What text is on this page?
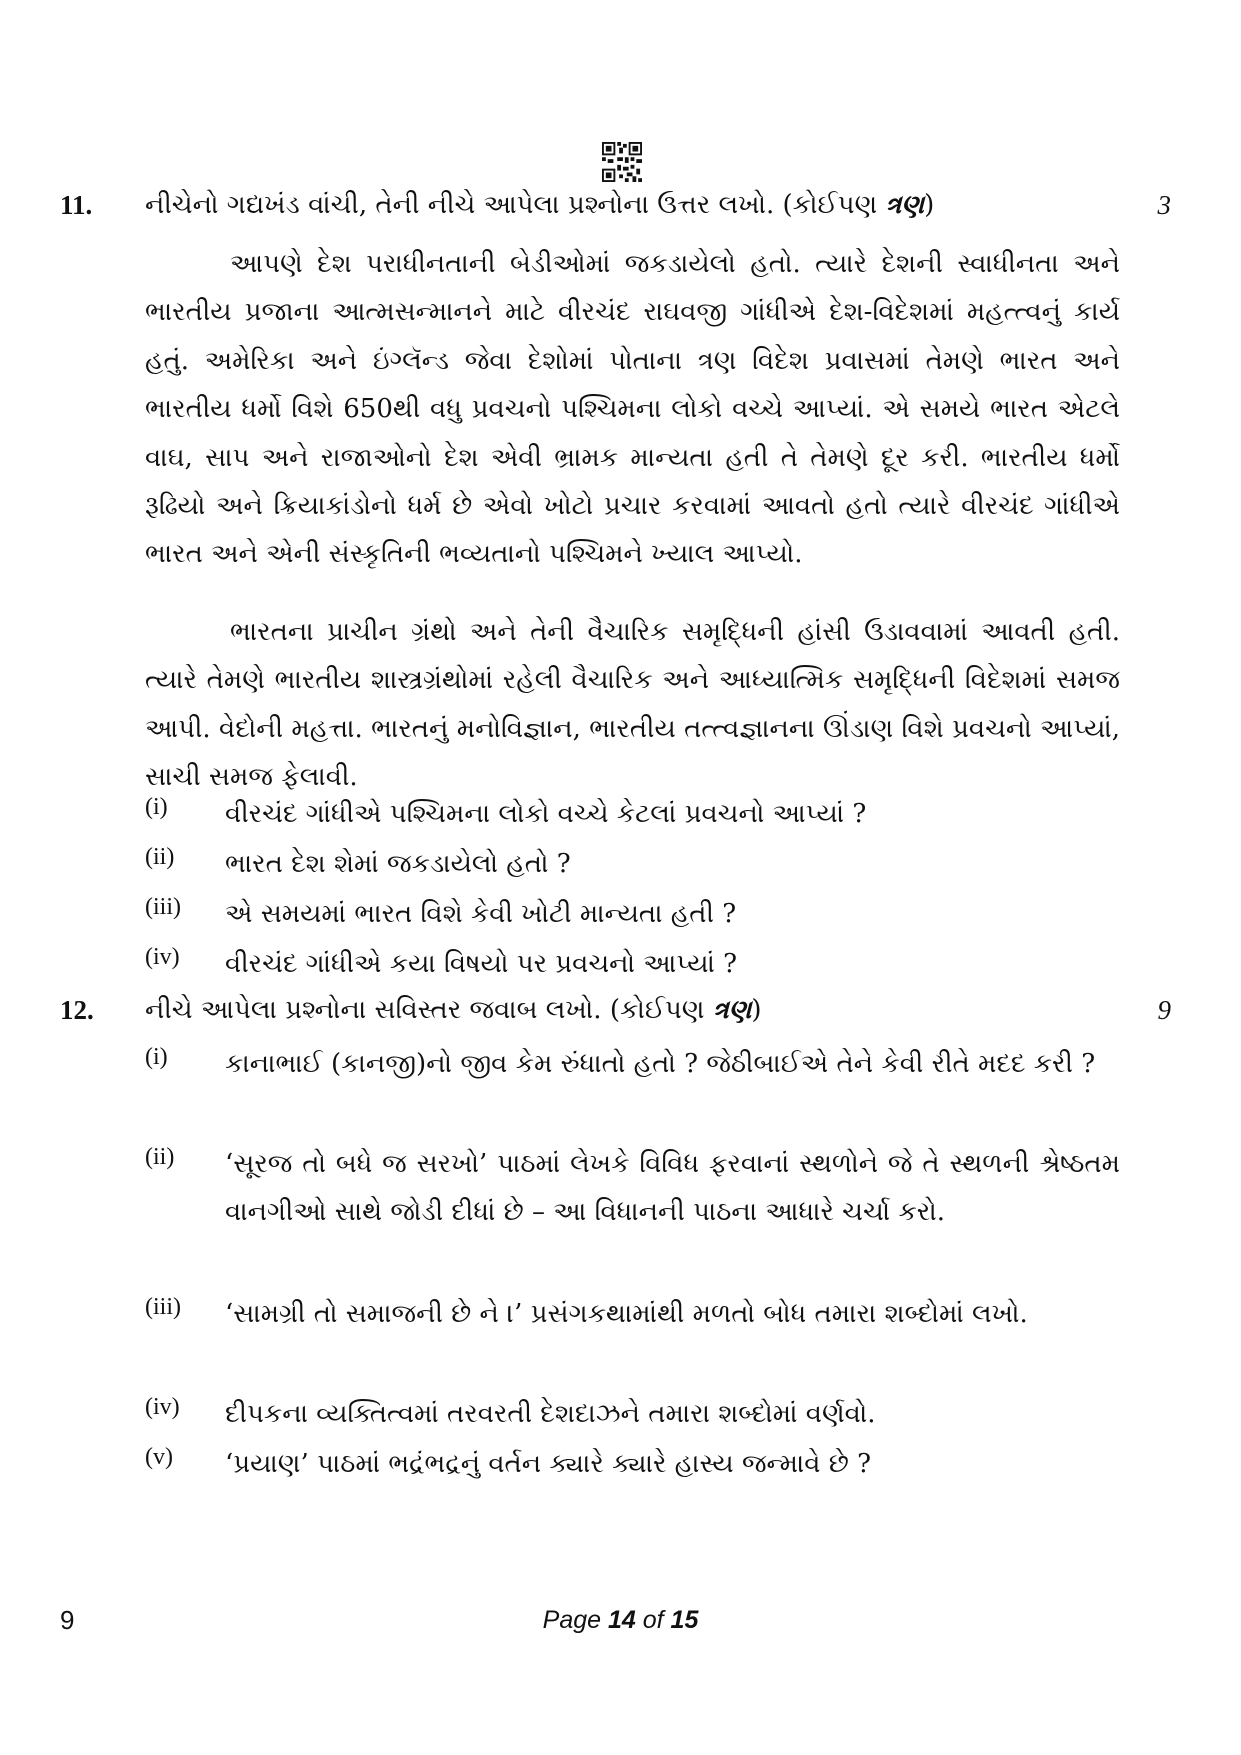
11. નીચેનો ગદ્યખંડ વાંચી, તેની નીચે આપેલા પ્રશ્નોના ઉત્તર લખો. (કોઈપણ ત્રણ)	3
આપણે દેશ પરાધીનતાની બેડીઓમાં જકડાયેલો હતો. ત્યારે દેશની સ્વાધીનતા અને ભારતીય પ્રજાના આત્મસન્માનને માટે વીરચંદ રાઘવજી ગાંધીએ દેશ-વિદેશમાં મહત્ત્વનું કાર્ય હતું. અમેરિકા અને ઇંગ્લૅન્ડ જેવા દેશોમાં પોતાના ત્રણ વિદેશ પ્રવાસમાં તેમણે ભારત અને ભારતીય ધર્મો વિશે 650થી વધુ પ્રવચનો પશ્ચિમના લોકો વચ્ચે આપ્યાં. એ સમયે ભારત એટલે વાઘ, સાપ અને રાજાઓનો દેશ એવી ભ્રામક માન્યતા હતી તે તેમણે દૂર કરી. ભારતીય ધર્મો રૂઢિયો અને ક્રિયાકાંડોનો ધર્મ છે એવો ખોટો પ્રચાર કરવામાં આવતો હતો ત્યારે વીરચંદ ગાંધીએ ભારત અને એની સંસ્કૃતિની ભવ્યતાનો પશ્ચિમને ખ્યાલ આપ્યો.
ભારતના પ્રાચીન ગ્રંથો અને તેની વૈચારિક સમૃદ્ધિની હાંસી ઉડાવવામાં આવતી હતી. ત્યારે તેમણે ભારતીય શાસ્ત્રગ્રંથોમાં રહેલી વૈચારિક અને આધ્યાત્મિક સમૃદ્ધિની વિદેશમાં સમજ આપી. વેદોની મહત્તા. ભારતનું મનોવિજ્ઞાન, ભારતીય તત્ત્વજ્ઞાનના ઊંડાણ વિશે પ્રવચનો આપ્યાં, સાચી સમજ ફેલાવી.
(i) વીરચંદ ગાંધીએ પશ્ચિમના લોકો વચ્ચે કેટલાં પ્રવચનો આપ્યાં ?
(ii) ભારત દેશ શેમાં જકડાયેલો હતો ?
(iii) એ સમયમાં ભારત વિશે કેવી ખોટી માન્યતા હતી ?
(iv) વીરચંદ ગાંધીએ કયા વિષયો પર પ્રવચનો આપ્યાં ?
12. નીચે આપેલા પ્રશ્નોના સવિસ્તર જવાબ લખો. (કોઈપણ ત્રણ)	9
(i) કાનાભાઈ (કાનજી)નો જીવ કેમ રુંધાતો હતો ? જેઠીબાઈએ તેને કેવી રીતે મદદ કરી ?
(ii) ‘સૂરજ તો બધે જ સરખો’ પાઠમાં લેખકે વિવિધ ફરવાનાં સ્થળોને જે તે સ્થળની શ્રેષ્ઠતમ વાનગીઓ સાથે જોડી દીધાં છે – આ વિધાનની પાઠના આધારે ચર્ચા કરો.
(iii) ‘સામગ્રી તો સમાજની છે ને ।’ પ્રસંગકથામાંથી મળતો બોધ તમારા શબ્દોમાં લખો.
(iv) દીપકના વ્યક્તિત્વમાં તરવરતી દેશદાઝને તમારા શબ્દોમાં વર્ણવો.
(v) ‘પ્રયાણ’ પાઠમાં ભદ્રંભદ્રનું વર્તન ક્યારે ક્યારે હાસ્ય જન્માવે છે ?
9	Page 14 of 15
